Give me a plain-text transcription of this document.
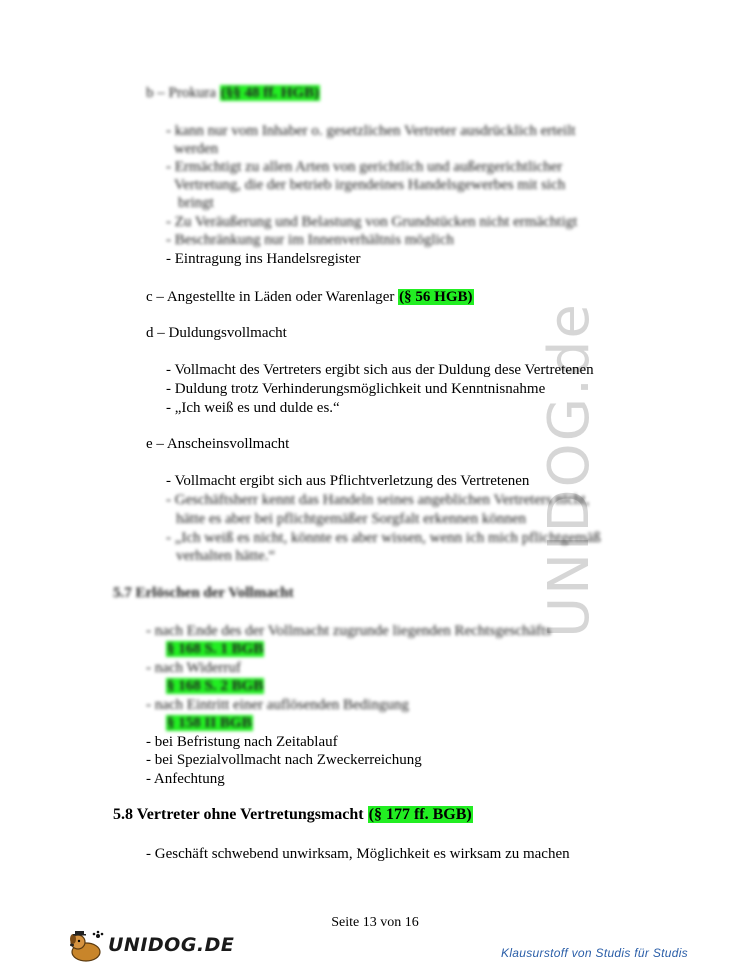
UNIDOG.de
b – Prokura (§§ 48 ff. HGB)
- kann nur vom Inhaber o. gesetzlichen Vertreter ausdrücklich erteilt
werden
- Ermächtigt zu allen Arten von gerichtlich und außergerichtlicher
Vertretung, die der betrieb irgendeines Handelsgewerbes mit sich
bringt
- Zu Veräußerung und Belastung von Grundstücken nicht ermächtigt
- Beschränkung nur im Innenverhältnis möglich
- Eintragung ins Handelsregister
c – Angestellte in Läden oder Warenlager (§ 56 HGB)
d – Duldungsvollmacht
- Vollmacht des Vertreters ergibt sich aus der Duldung dese Vertretenen
- Duldung trotz Verhinderungsmöglichkeit und Kenntnisnahme
- „Ich weiß es und dulde es.“
e – Anscheinsvollmacht
- Vollmacht ergibt sich aus Pflichtverletzung des Vertretenen
- Geschäftsherr kennt das Handeln seines angeblichen Vertreters nicht,
hätte es aber bei pflichtgemäßer Sorgfalt erkennen können
- „Ich weiß es nicht, könnte es aber wissen, wenn ich mich pflichtgemäß
verhalten hätte.“
5.7 Erlöschen der Vollmacht
- nach Ende des der Vollmacht zugrunde liegenden Rechtsgeschäfts
§ 168 S. 1 BGB
- nach Widerruf
§ 168 S. 2 BGB
- nach Eintritt einer auflösenden Bedingung
§ 158 II BGB
- bei Befristung nach Zeitablauf
- bei Spezialvollmacht nach Zweckerreichung
- Anfechtung
5.8 Vertreter ohne Vertretungsmacht (§ 177 ff. BGB)
- Geschäft schwebend unwirksam, Möglichkeit es wirksam zu machen
Seite 13 von 16
UNIDOG.DE	Klausurstoff von Studis für Studis
